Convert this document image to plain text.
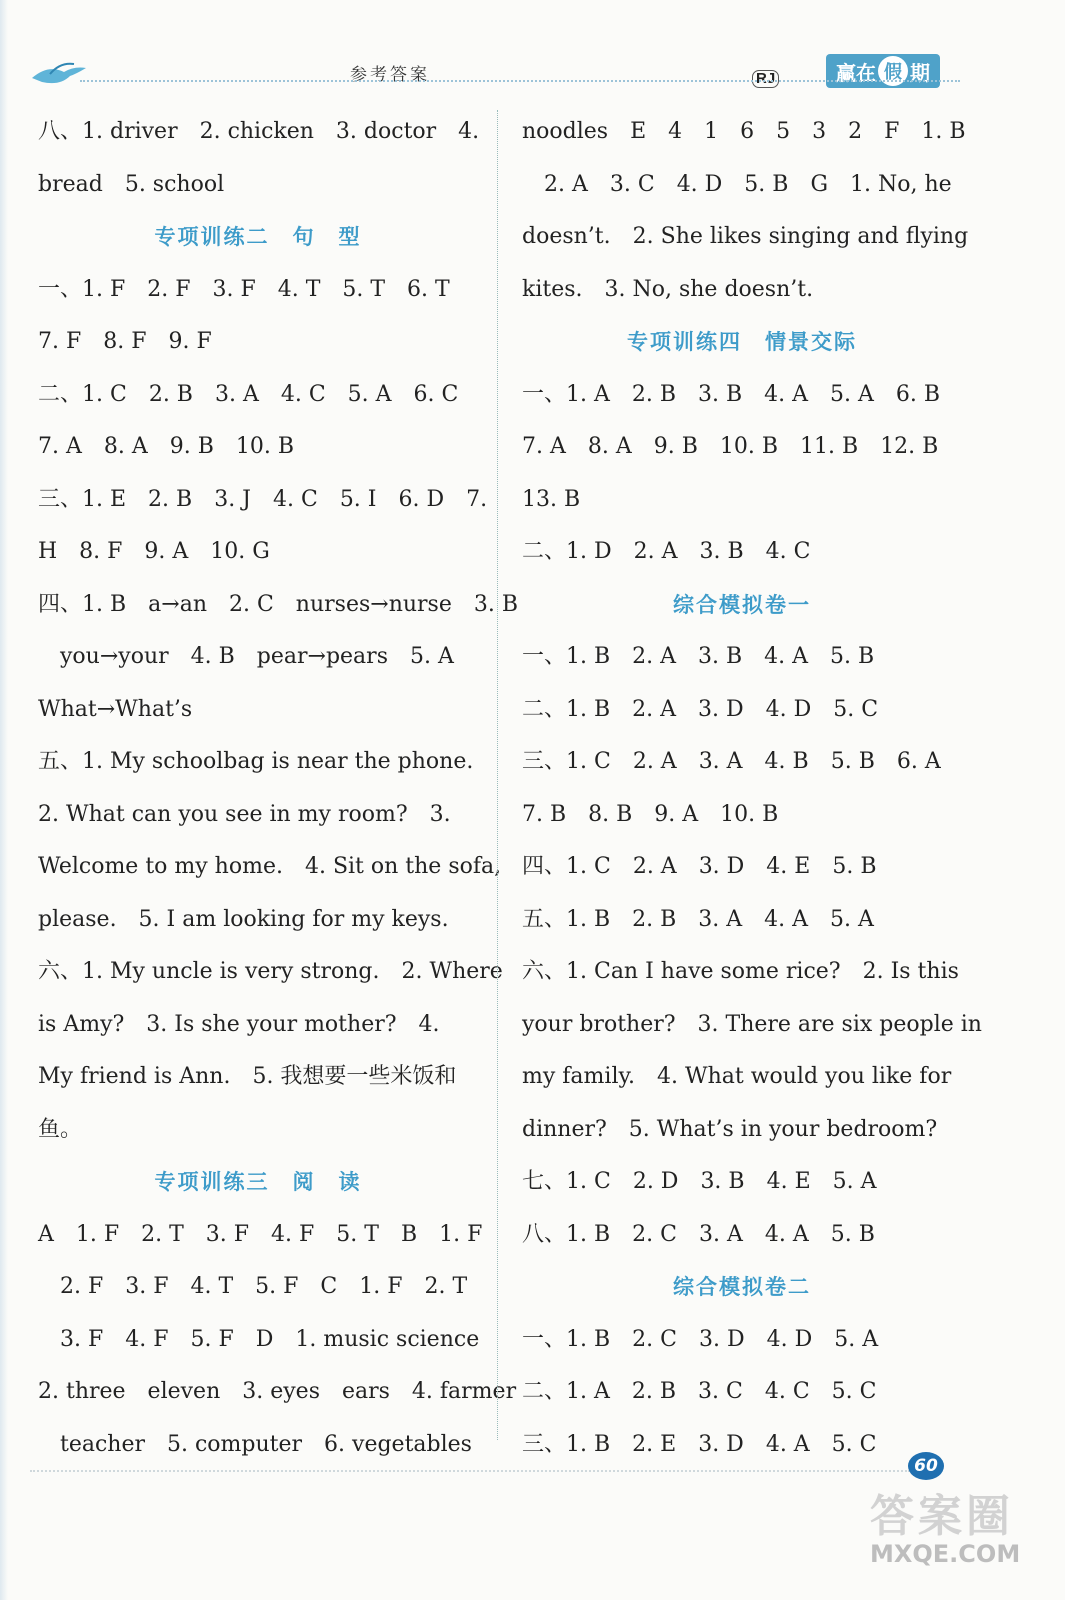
参考答案	RJ	赢在 假 期
八、1. driver　2. chicken　3. doctor　4.
bread　5. school
专项训练二　句　型
一、1. F　2. F　3. F　4. T　5. T　6. T
7. F　8. F　9. F
二、1. C　2. B　3. A　4. C　5. A　6. C
7. A　8. A　9. B　10. B
三、1. E　2. B　3. J　4. C　5. I　6. D　7.
H　8. F　9. A　10. G
四、1. B　a→an　2. C　nurses→nurse　3. B
you→your　4. B　pear→pears　5. A
What→What’s
五、1. My schoolbag is near the phone.
2. What can you see in my room?　3.
Welcome to my home.　4. Sit on the sofa,
please.　5. I am looking for my keys.
六、1. My uncle is very strong.　2. Where
is Amy?　3. Is she your mother?　4.
My friend is Ann.　5. 我想要一些米饭和
鱼。
专项训练三　阅　读
A　1. F　2. T　3. F　4. F　5. T　B　1. F
2. F　3. F　4. T　5. F　C　1. F　2. T
3. F　4. F　5. F　D　1. music science
2. three　eleven　3. eyes　ears　4. farmer
teacher　5. computer　6. vegetables
noodles　E　4　1　6　5　3　2　F　1. B
2. A　3. C　4. D　5. B　G　1. No, he
doesn’t.　2. She likes singing and flying
kites.　3. No, she doesn’t.
专项训练四　情景交际
一、1. A　2. B　3. B　4. A　5. A　6. B
7. A　8. A　9. B　10. B　11. B　12. B
13. B
二、1. D　2. A　3. B　4. C
综合模拟卷一
一、1. B　2. A　3. B　4. A　5. B
二、1. B　2. A　3. D　4. D　5. C
三、1. C　2. A　3. A　4. B　5. B　6. A
7. B　8. B　9. A　10. B
四、1. C　2. A　3. D　4. E　5. B
五、1. B　2. B　3. A　4. A　5. A
六、1. Can I have some rice?　2. Is this
your brother?　3. There are six people in
my family.　4. What would you like for
dinner?　5. What’s in your bedroom?
七、1. C　2. D　3. B　4. E　5. A
八、1. B　2. C　3. A　4. A　5. B
综合模拟卷二
一、1. B　2. C　3. D　4. D　5. A
二、1. A　2. B　3. C　4. C　5. C
三、1. B　2. E　3. D　4. A　5. C
60
答案圈
MXQE.COM
